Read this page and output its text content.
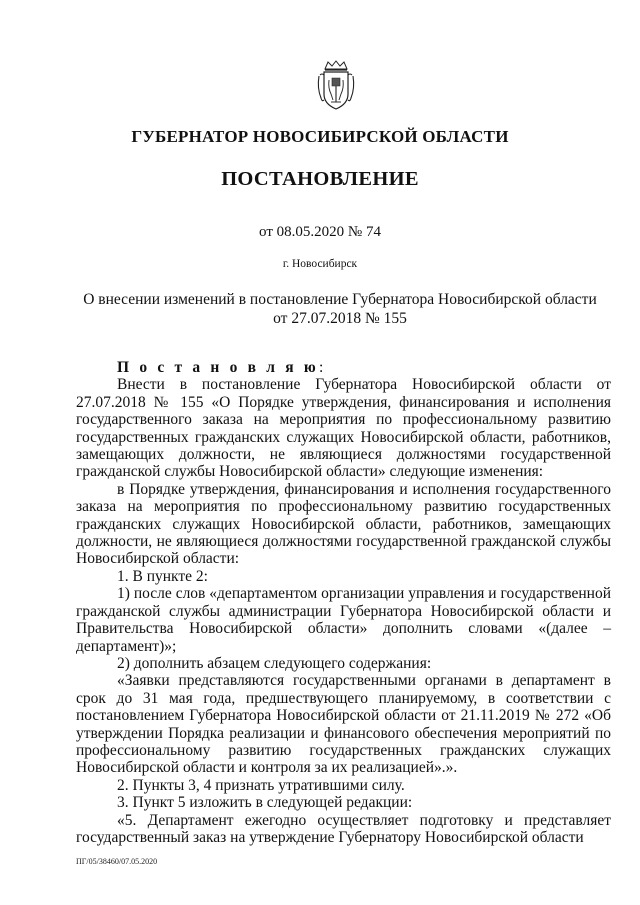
ГУБЕРНАТОР НОВОСИБИРСКОЙ ОБЛАСТИ
ПОСТАНОВЛЕНИЕ
от 08.05.2020 № 74
г. Новосибирск
О внесении изменений в постановление Губернатора Новосибирской области
от 27.07.2018 № 155
П о с т а н о в л я ю:

Внести в постановление Губернатора Новосибирской области от 27.07.2018 № 155 «О Порядке утверждения, финансирования и исполнения государственного заказа на мероприятия по профессиональному развитию государственных гражданских служащих Новосибирской области, работников, замещающих должности, не являющиеся должностями государственной гражданской службы Новосибирской области» следующие изменения:

в Порядке утверждения, финансирования и исполнения государственного заказа на мероприятия по профессиональному развитию государственных гражданских служащих Новосибирской области, работников, замещающих должности, не являющиеся должностями государственной гражданской службы Новосибирской области:

1. В пункте 2:

1) после слов «департаментом организации управления и государственной гражданской службы администрации Губернатора Новосибирской области и Правительства Новосибирской области» дополнить словами «(далее – департамент)»;

2) дополнить абзацем следующего содержания:

«Заявки представляются государственными органами в департамент в срок до 31 мая года, предшествующего планируемому, в соответствии с постановлением Губернатора Новосибирской области от 21.11.2019 № 272 «Об утверждении Порядка реализации и финансового обеспечения мероприятий по профессиональному развитию государственных гражданских служащих Новосибирской области и контроля за их реализацией».».

2. Пункты 3, 4 признать утратившими силу.

3. Пункт 5 изложить в следующей редакции:

«5. Департамент ежегодно осуществляет подготовку и представляет государственный заказ на утверждение Губернатору Новосибирской области

ПГ/05/38460/07.05.2020
